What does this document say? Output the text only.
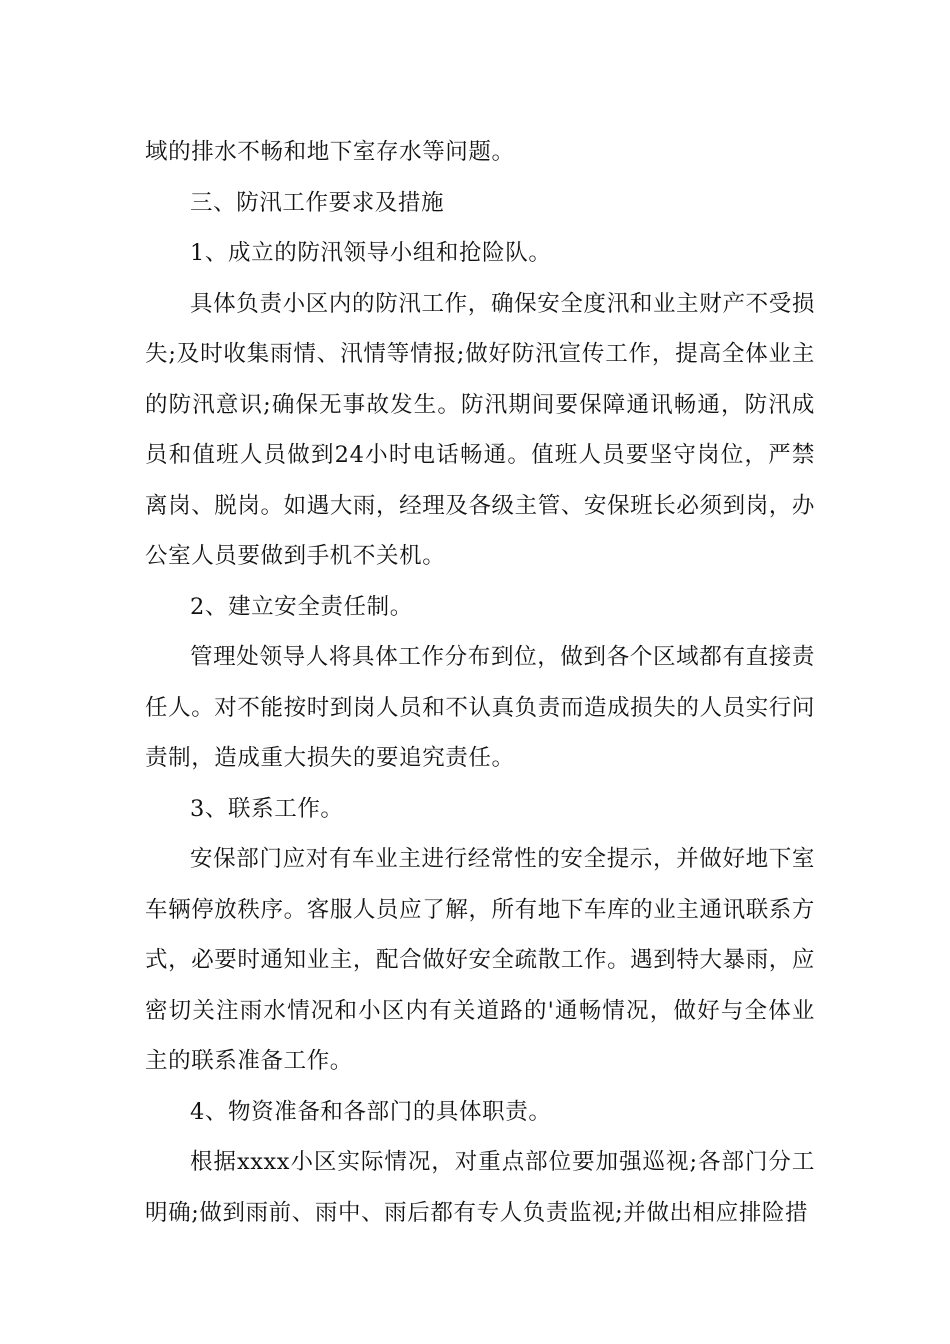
域的排水不畅和地下室存水等问题。

三、防汛工作要求及措施

1、成立的防汛领导小组和抢险队。

具体负责小区内的防汛工作，确保安全度汛和业主财产不受损失;及时收集雨情、汛情等情报;做好防汛宣传工作，提高全体业主的防汛意识;确保无事故发生。防汛期间要保障通讯畅通，防汛成员和值班人员做到24小时电话畅通。值班人员要坚守岗位，严禁离岗、脱岗。如遇大雨，经理及各级主管、安保班长必须到岗，办公室人员要做到手机不关机。

2、建立安全责任制。

管理处领导人将具体工作分布到位，做到各个区域都有直接责任人。对不能按时到岗人员和不认真负责而造成损失的人员实行问责制，造成重大损失的要追究责任。

3、联系工作。

安保部门应对有车业主进行经常性的安全提示，并做好地下室车辆停放秩序。客服人员应了解，所有地下车库的业主通讯联系方式，必要时通知业主，配合做好安全疏散工作。遇到特大暴雨，应密切关注雨水情况和小区内有关道路的'通畅情况，做好与全体业主的联系准备工作。

4、物资准备和各部门的具体职责。

根据xxxx小区实际情况，对重点部位要加强巡视;各部门分工明确;做到雨前、雨中、雨后都有专人负责监视;并做出相应排险措
